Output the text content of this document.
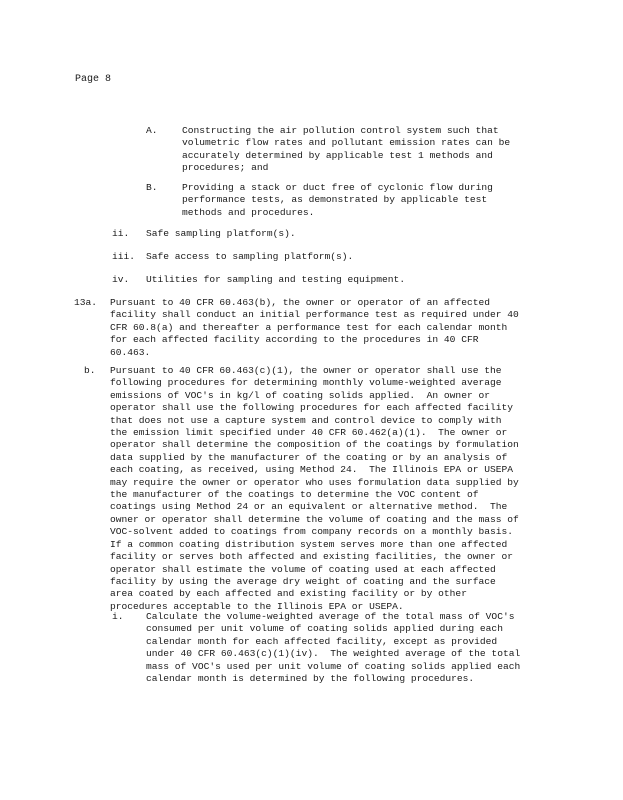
Page 8
A.	Constructing the air pollution control system such that
volumetric flow rates and pollutant emission rates can be
accurately determined by applicable test 1 methods and
procedures; and

B.	Providing a stack or duct free of cyclonic flow during
performance tests, as demonstrated by applicable test
methods and procedures.

ii. Safe sampling platform(s).

iii. Safe access to sampling platform(s).

iv. Utilities for sampling and testing equipment.

13a. Pursuant to 40 CFR 60.463(b), the owner or operator of an affected
facility shall conduct an initial performance test as required under 40
CFR 60.8(a) and thereafter a performance test for each calendar month
for each affected facility according to the procedures in 40 CFR
60.463.

b. Pursuant to 40 CFR 60.463(c)(1), the owner or operator shall use the
following procedures for determining monthly volume-weighted average
emissions of VOC's in kg/l of coating solids applied.  An owner or
operator shall use the following procedures for each affected facility
that does not use a capture system and control device to comply with
the emission limit specified under 40 CFR 60.462(a)(1).  The owner or
operator shall determine the composition of the coatings by formulation
data supplied by the manufacturer of the coating or by an analysis of
each coating, as received, using Method 24.  The Illinois EPA or USEPA
may require the owner or operator who uses formulation data supplied by
the manufacturer of the coatings to determine the VOC content of
coatings using Method 24 or an equivalent or alternative method.  The
owner or operator shall determine the volume of coating and the mass of
VOC-solvent added to coatings from company records on a monthly basis.
If a common coating distribution system serves more than one affected
facility or serves both affected and existing facilities, the owner or
operator shall estimate the volume of coating used at each affected
facility by using the average dry weight of coating and the surface
area coated by each affected and existing facility or by other
procedures acceptable to the Illinois EPA or USEPA.

i. Calculate the volume-weighted average of the total mass of VOC's
consumed per unit volume of coating solids applied during each
calendar month for each affected facility, except as provided
under 40 CFR 60.463(c)(1)(iv).  The weighted average of the total
mass of VOC's used per unit volume of coating solids applied each
calendar month is determined by the following procedures.
